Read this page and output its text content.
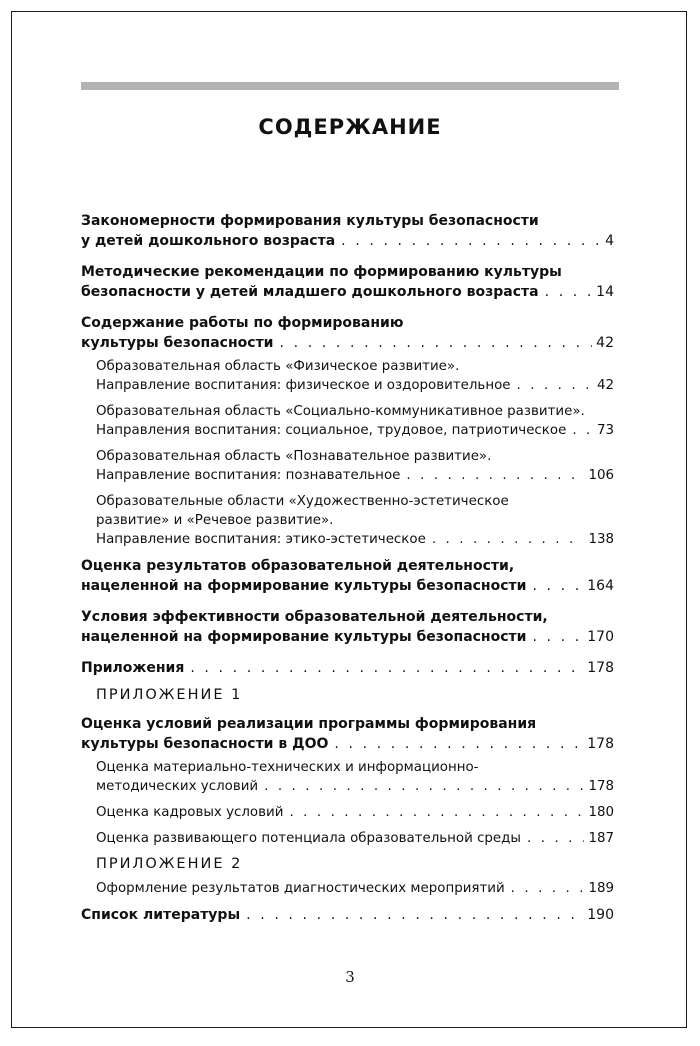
СОДЕРЖАНИЕ
Закономерности формирования культуры безопасности
у детей дошкольного возраста . . .	4
Методические рекомендации по формированию культуры
безопасности у детей младшего дошкольного возраста . . .	14
Содержание работы по формированию
культуры безопасности . . .	42
Образовательная область «Физическое развитие».
Направление воспитания: физическое и оздоровительное . . .	42
Образовательная область «Социально-коммуникативное развитие».
Направления воспитания: социальное, трудовое, патриотическое . . . 73
Образовательная область «Познавательное развитие».
Направление воспитания: познавательное . . .	106
Образовательные области «Художественно-эстетическое
развитие» и «Речевое развитие».
Направление воспитания: этико-эстетическое . . .	138
Оценка результатов образовательной деятельности,
нацеленной на формирование культуры безопасности . . .	164
Условия эффективности образовательной деятельности,
нацеленной на формирование культуры безопасности . . .	170
Приложения . . .	178
ПРИЛОЖЕНИЕ 1
Оценка условий реализации программы формирования
культуры безопасности в ДОО . . .	178
Оценка материально-технических и информационно-
методических условий . . .	178
Оценка кадровых условий . . .	180
Оценка развивающего потенциала образовательной среды . . .	187
ПРИЛОЖЕНИЕ 2
Оформление результатов диагностических мероприятий . . .	189
Список литературы . . .	190
3
